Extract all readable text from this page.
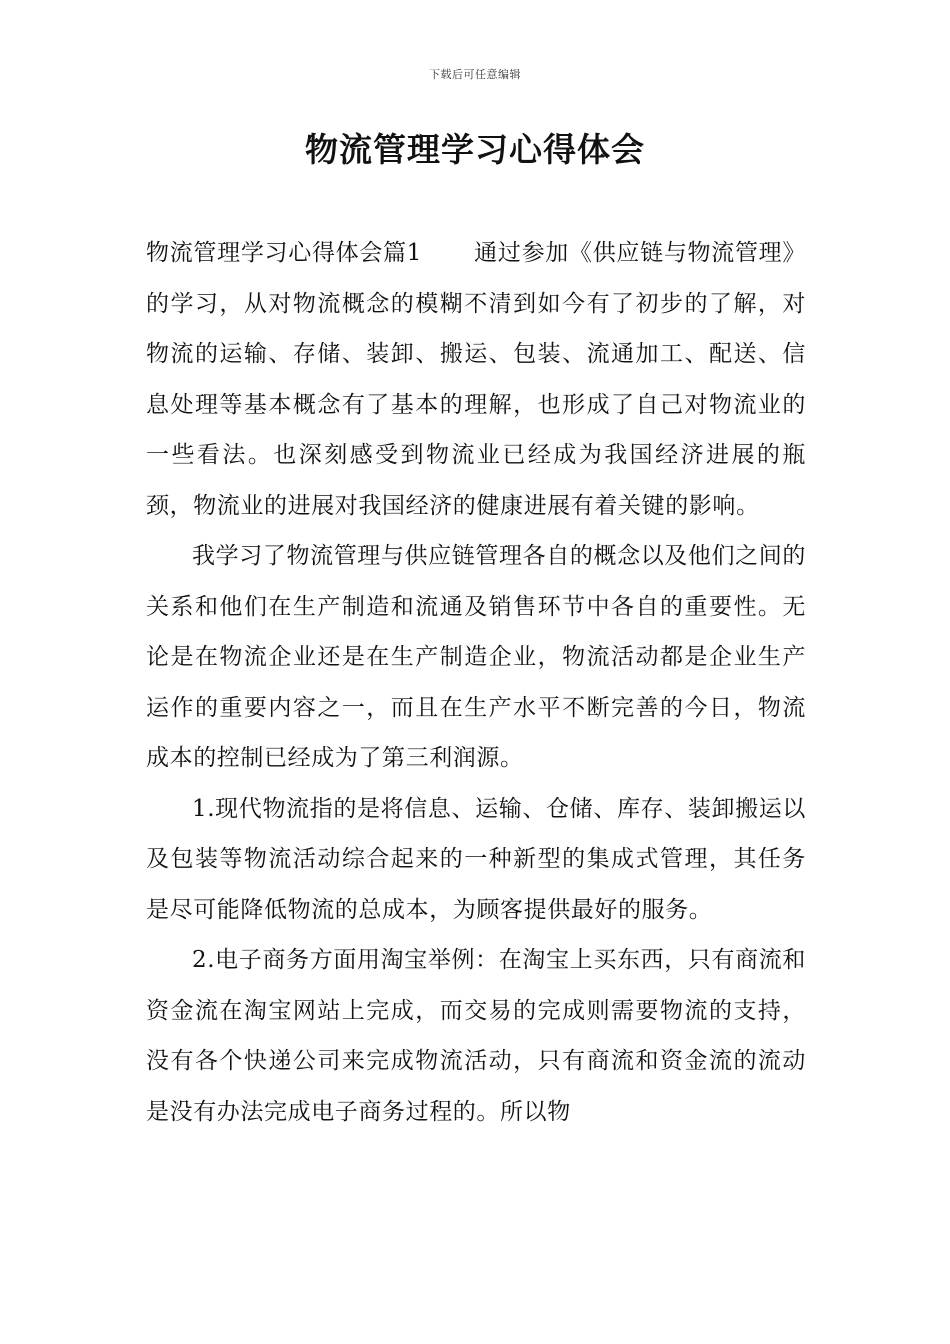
下载后可任意编辑
物流管理学习心得体会

物流管理学习心得体会篇1 通过参加《供应链与物流管理》的学习，从对物流概念的模糊不清到如今有了初步的了解，对物流的运输、存储、装卸、搬运、包装、流通加工、配送、信息处理等基本概念有了基本的理解，也形成了自己对物流业的一些看法。也深刻感受到物流业已经成为我国经济进展的瓶颈，物流业的进展对我国经济的健康进展有着关键的影响。

我学习了物流管理与供应链管理各自的概念以及他们之间的关系和他们在生产制造和流通及销售环节中各自的重要性。无论是在物流企业还是在生产制造企业，物流活动都是企业生产运作的重要内容之一，而且在生产水平不断完善的今日，物流成本的控制已经成为了第三利润源。

1.现代物流指的是将信息、运输、仓储、库存、装卸搬运以及包装等物流活动综合起来的一种新型的集成式管理，其任务是尽可能降低物流的总成本，为顾客提供最好的服务。

2.电子商务方面用淘宝举例：在淘宝上买东西，只有商流和资金流在淘宝网站上完成，而交易的完成则需要物流的支持，没有各个快递公司来完成物流活动，只有商流和资金流的流动是没有办法完成电子商务过程的。所以物
